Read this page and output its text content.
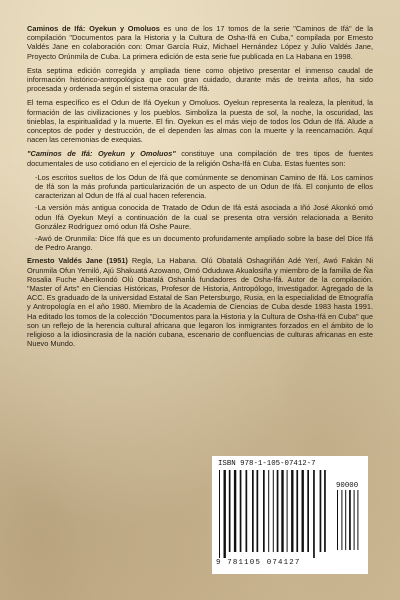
Caminos de Ifá: Oyekun y Omoluos es uno de los 17 tomos de la serie "Caminos de Ifá" de la compilación "Documentos para la Historia y la Cultura de Osha-Ifá en Cuba," compilada por Ernesto Valdés Jane en colaboración con: Omar García Ruiz, Michael Hernández López y Julio Valdés Jane, Proyecto Orúnmila de Cuba. La primera edición de esta serie fue publicada en La Habana en 1998.

Esta septima edición corregida y ampliada tiene como objetivo presentar el inmenso caudal de información histórico-antropológica que con gran cuidado, durante más de treinta años, ha sido procesada y ordenada según el sistema oracular de Ifá.

El tema específico es el Odun de Ifá Oyekun y Omoluos. Oyekun representa la realeza, la plenitud, la formación de las civilizaciones y los pueblos. Simboliza la puesta de sol, la noche, la oscuridad, las tinieblas, la espiritualidad y la muerte. El fin. Oyekun es el más viejo de todos los Odun de Ifá. Alude a conceptos de poder y destrucción, de el dependen las almas con la muerte y la reencarnación. Aquí nacen las ceremonias de exequias.

"Caminos de Ifá: Oyekun y Omoluos" constituye una compilación de tres tipos de fuentes documentales de uso cotidiano en el ejercicio de la religión Osha-Ifá en Cuba. Estas fuentes son:

-Los escritos sueltos de los Odun de Ifá que comúnmente se denominan Camino de Ifá. Los caminos de Ifá son la más profunda particularización de un aspecto de un Odun de Ifá. El conjunto de ellos caracterizan al Odun de Ifá al cual hacen referencia.
-La versión más antigua conocida de Tratado de Odun de Ifá está asociada a Iñó José Akonkó omó odun Ifá Oyekun Meyí a continuación de la cual se presenta otra versión relacionada a Benito González Rodríguez omó odun Ifá Oshe Paure.
-Awó de Orunmila: Dice Ifá que es un documento profundamente ampliado sobre la base del Dice Ifá de Pedro Arango.

Ernesto Valdés Jane (1951) Regla, La Habana. Olú Obatalá Oshagriñán Adé Yerí, Awó Fakán Ni Orunmila Ofun Yemiló, Ajú Shakuatá Azowano, Omó Oduduwa Akualosiña y miembro de la familia de Ña Rosalia Fuche Aberikondó Olú Obatalá Oshanlá fundadores de Osha-Ifá. Autor de la compilación. "Master of Arts" en Ciencias Históricas, Profesor de Historia, Antropólogo, Investigador. Agregado de la ACC. Es graduado de la universidad Estatal de San Petersburgo, Rusia, en la especialidad de Etnografía y Antropología en el año 1980. Miembro de la Academia de Ciencias de Cuba desde 1983 hasta 1991. Ha editado los tomos de la colección "Documentos para la Historia y la Cultura de Osha-Ifá en Cuba" que son un reflejo de la herencia cultural africana que legaron los inmigrantes forzados en el ámbito de lo religioso a la idiosincrasia de la nación cubana, escenario de confluencias de culturas africanas en este Nuevo Mundo.

ISBN 978-1-105-07412-7
90000
9 781105 074127
